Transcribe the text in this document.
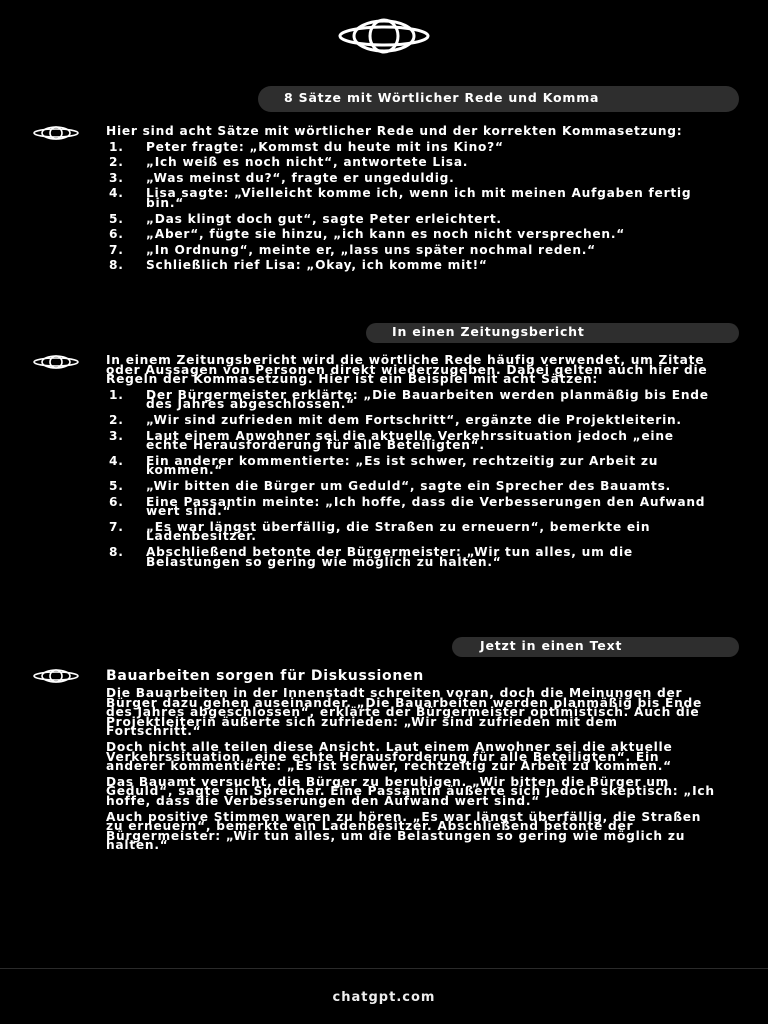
8 Sätze mit Wörtlicher Rede und Komma

Hier sind acht Sätze mit wörtlicher Rede und der korrekten Kommasetzung:

1. Peter fragte: „Kommst du heute mit ins Kino?“
2. „Ich weiß es noch nicht“, antwortete Lisa.
3. „Was meinst du?“, fragte er ungeduldig.
4. Lisa sagte: „Vielleicht komme ich, wenn ich mit meinen Aufgaben fertig bin.“
5. „Das klingt doch gut“, sagte Peter erleichtert.
6. „Aber“, fügte sie hinzu, „ich kann es noch nicht versprechen.“
7. „In Ordnung“, meinte er, „lass uns später nochmal reden.“
8. Schließlich rief Lisa: „Okay, ich komme mit!“
In einen Zeitungsbericht

In einem Zeitungsbericht wird die wörtliche Rede häufig verwendet, um Zitate oder Aussagen von Personen direkt wiederzugeben. Dabei gelten auch hier die Regeln der Kommasetzung. Hier ist ein Beispiel mit acht Sätzen:

1. Der Bürgermeister erklärte: „Die Bauarbeiten werden planmäßig bis Ende des Jahres abgeschlossen.“
2. „Wir sind zufrieden mit dem Fortschritt“, ergänzte die Projektleiterin.
3. Laut einem Anwohner sei die aktuelle Verkehrssituation jedoch „eine echte Herausforderung für alle Beteiligten“.
4. Ein anderer kommentierte: „Es ist schwer, rechtzeitig zur Arbeit zu kommen.“
5. „Wir bitten die Bürger um Geduld“, sagte ein Sprecher des Bauamts.
6. Eine Passantin meinte: „Ich hoffe, dass die Verbesserungen den Aufwand wert sind.“
7. „Es war längst überfällig, die Straßen zu erneuern“, bemerkte ein Ladenbesitzer.
8. Abschließend betonte der Bürgermeister: „Wir tun alles, um die Belastungen so gering wie möglich zu halten.“
Jetzt in einen Text
Bauarbeiten sorgen für Diskussionen

Die Bauarbeiten in der Innenstadt schreiten voran, doch die Meinungen der Bürger dazu gehen auseinander. „Die Bauarbeiten werden planmäßig bis Ende des Jahres abgeschlossen“, erklärte der Bürgermeister optimistisch. Auch die Projektleiterin äußerte sich zufrieden: „Wir sind zufrieden mit dem Fortschritt.“

Doch nicht alle teilen diese Ansicht. Laut einem Anwohner sei die aktuelle Verkehrssituation „eine echte Herausforderung für alle Beteiligten“. Ein anderer kommentierte: „Es ist schwer, rechtzeitig zur Arbeit zu kommen.“

Das Bauamt versucht, die Bürger zu beruhigen. „Wir bitten die Bürger um Geduld“, sagte ein Sprecher. Eine Passantin äußerte sich jedoch skeptisch: „Ich hoffe, dass die Verbesserungen den Aufwand wert sind.“

Auch positive Stimmen waren zu hören. „Es war längst überfällig, die Straßen zu erneuern“, bemerkte ein Ladenbesitzer. Abschließend betonte der Bürgermeister: „Wir tun alles, um die Belastungen so gering wie möglich zu halten.“

chatgpt.com
